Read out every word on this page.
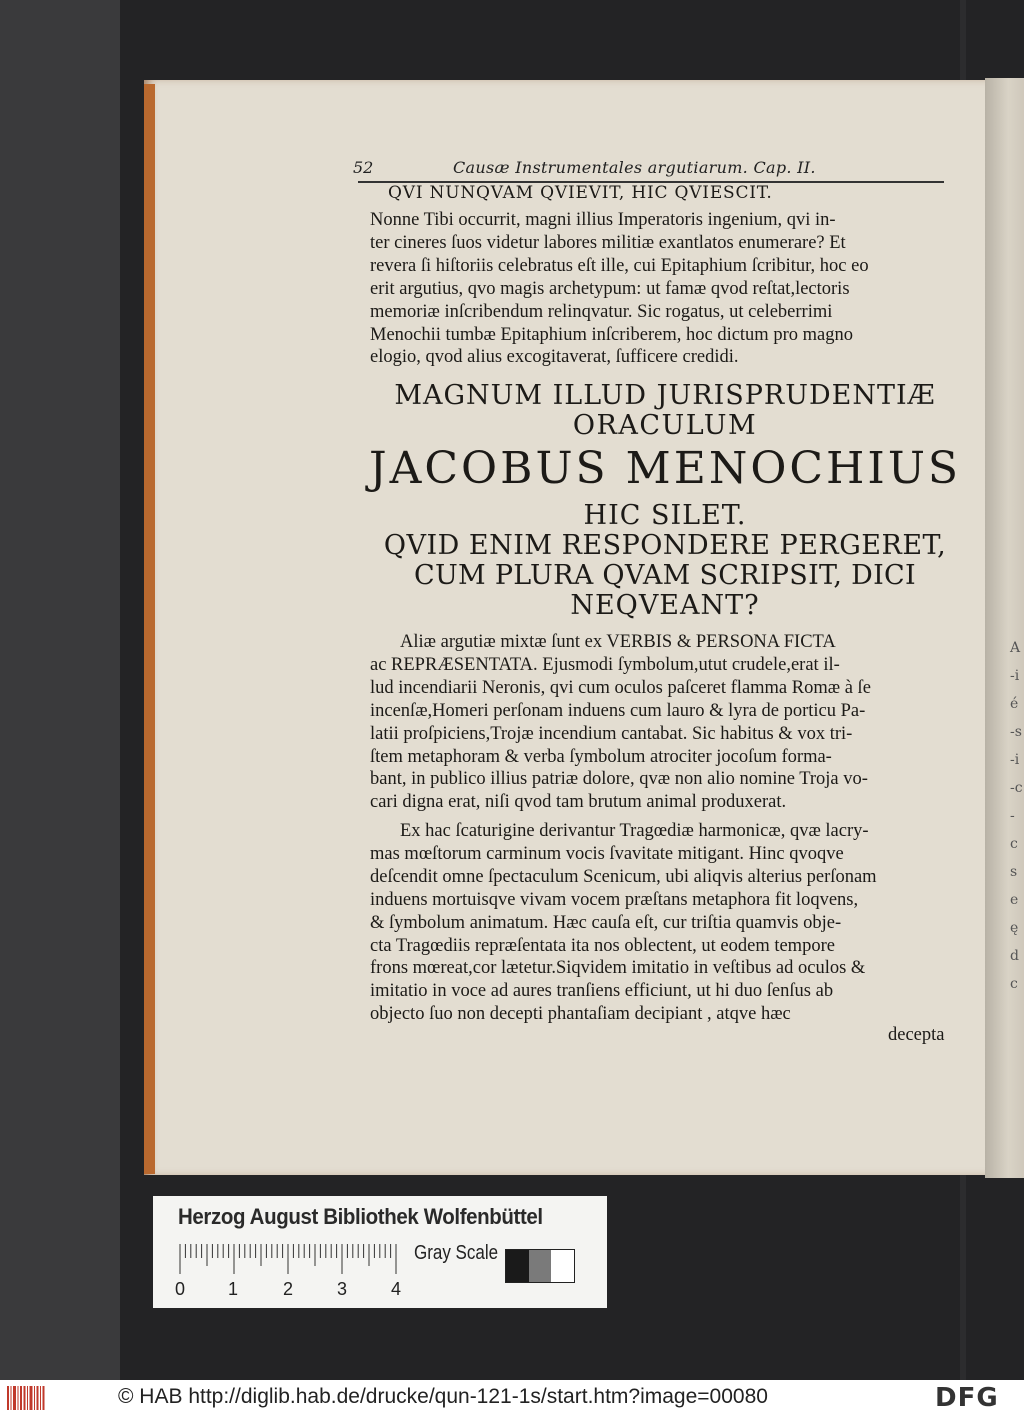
A
-i
é
-s
-i
-c
-
c
s
e
ę
d
c
52	Causæ Instrumentales argutiarum. Cap. II.
QVI NUNQVAM QVIEVIT, HIC QVIESCIT.
Nonne Tibi occurrit, magni illius Imperatoris ingenium, qvi in-
ter cineres ſuos videtur labores militiæ exantlatos enumerare? Et
revera ſi hiſtoriis celebratus eſt ille, cui Epitaphium ſcribitur, hoc eo
erit argutius, qvo magis archetypum: ut famæ qvod reſtat,lectoris
memoriæ inſcribendum relinqvatur. Sic rogatus, ut celeberrimi
Menochii tumbæ Epitaphium inſcriberem, hoc dictum pro magno
elogio, qvod alius excogitaverat, ſufficere credidi.
MAGNUM ILLUD JURISPRUDENTIÆ
ORACULUM
JACOBUS MENOCHIUS
HIC SILET.
QVID ENIM RESPONDERE PERGERET,
CUM PLURA QVAM SCRIPSIT, DICI
NEQVEANT?
Aliæ argutiæ mixtæ ſunt ex VERBIS & PERSONA FICTA
ac REPRÆSENTATA. Ejusmodi ſymbolum,utut crudele,erat il-
lud incendiarii Neronis, qvi cum oculos paſceret flamma Romæ à ſe
incenſæ,Homeri perſonam induens cum lauro & lyra de porticu Pa-
latii proſpiciens,Trojæ incendium cantabat. Sic habitus & vox tri-
ſtem metaphoram & verba ſymbolum atrociter jocoſum forma-
bant, in publico illius patriæ dolore, qvæ non alio nomine Troja vo-
cari digna erat, niſi qvod tam brutum animal produxerat.
Ex hac ſcaturigine derivantur Tragœdiæ harmonicæ, qvæ lacry-
mas mœſtorum carminum vocis ſvavitate mitigant. Hinc qvoqve
deſcendit omne ſpectaculum Scenicum, ubi aliqvis alterius perſonam
induens mortuisqve vivam vocem præſtans metaphora fit loqvens,
& ſymbolum animatum. Hæc cauſa eſt, cur triſtia quamvis obje-
cta Tragœdiis repræſentata ita nos oblectent, ut eodem tempore
frons mœreat,cor lætetur.Siqvidem imitatio in veſtibus ad oculos &
imitatio in voce ad aures tranſiens efficiunt, ut hi duo ſenſus ab
objecto ſuo non decepti phantaſiam decipiant , atqve hæc
decepta
Herzog August Bibliothek Wolfenbüttel
0 1 2 3 4
Gray Scale
© HAB http://diglib.hab.de/drucke/qun-121-1s/start.htm?image=00080	DFG
